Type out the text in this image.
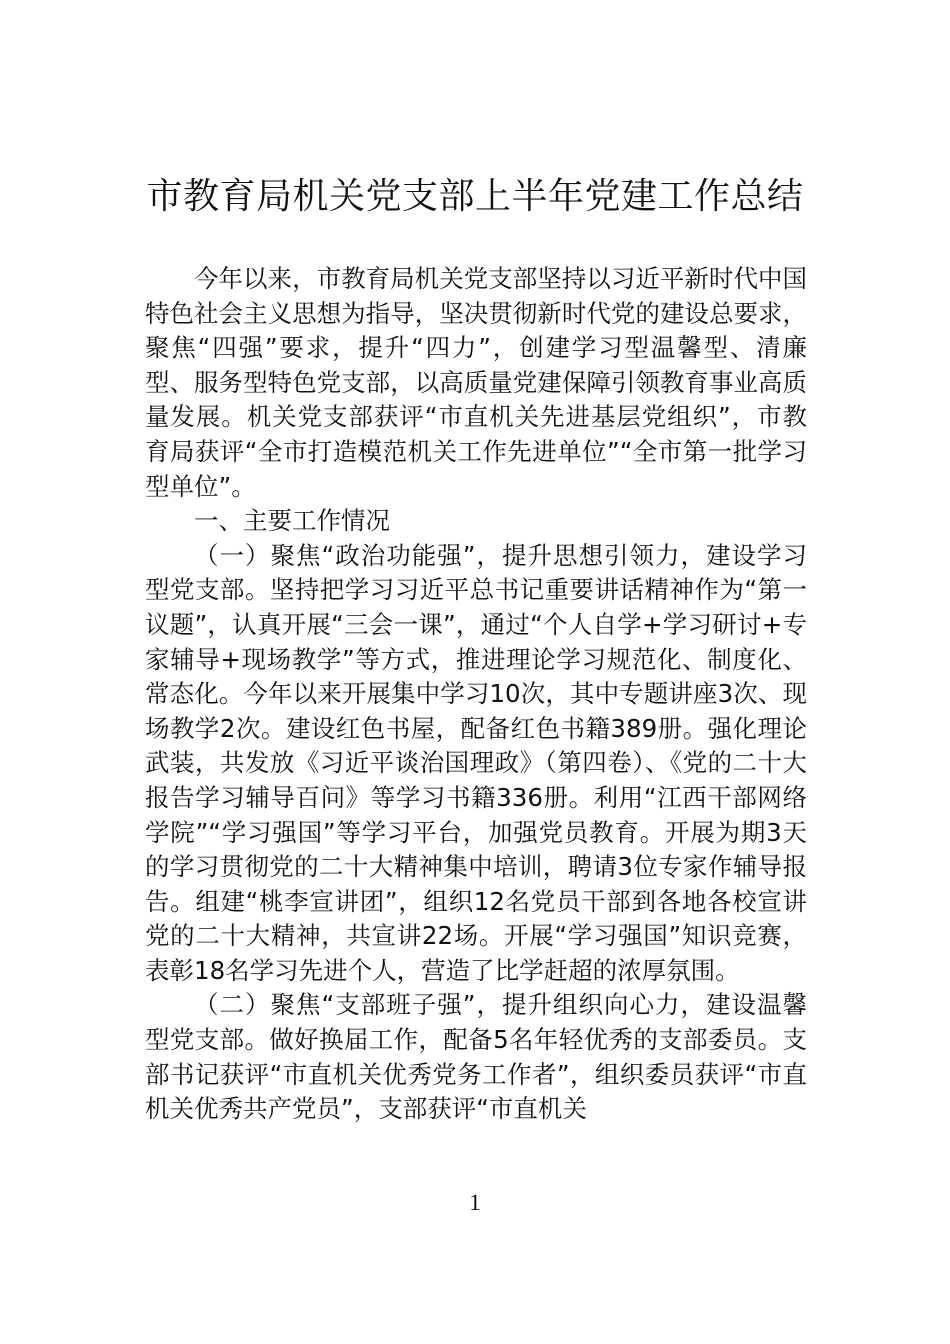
市教育局机关党支部上半年党建工作总结

今年以来，市教育局机关党支部坚持以习近平新时代中国特色社会主义思想为指导，坚决贯彻新时代党的建设总要求，聚焦“四强”要求，提升“四力”，创建学习型温馨型、清廉型、服务型特色党支部，以高质量党建保障引领教育事业高质量发展。机关党支部获评“市直机关先进基层党组织”，市教育局获评“全市打造模范机关工作先进单位”“全市第一批学习型单位”。

一、主要工作情况

（一）聚焦“政治功能强”，提升思想引领力，建设学习型党支部。坚持把学习习近平总书记重要讲话精神作为“第一议题”，认真开展“三会一课”，通过“个人自学+学习研讨+专家辅导+现场教学”等方式，推进理论学习规范化、制度化、常态化。今年以来开展集中学习10次，其中专题讲座3次、现场教学2次。建设红色书屋，配备红色书籍389册。强化理论武装，共发放《习近平谈治国理政》（第四卷）、《党的二十大报告学习辅导百问》等学习书籍336册。利用“江西干部网络学院”“学习强国”等学习平台，加强党员教育。开展为期3天的学习贯彻党的二十大精神集中培训，聘请3位专家作辅导报告。组建“桃李宣讲团”，组织12名党员干部到各地各校宣讲党的二十大精神，共宣讲22场。开展“学习强国”知识竞赛，表彰18名学习先进个人，营造了比学赶超的浓厚氛围。

（二）聚焦“支部班子强”，提升组织向心力，建设温馨型党支部。做好换届工作，配备5名年轻优秀的支部委员。支部书记获评“市直机关优秀党务工作者”，组织委员获评“市直机关优秀共产党员”，支部获评“市直机关

1
